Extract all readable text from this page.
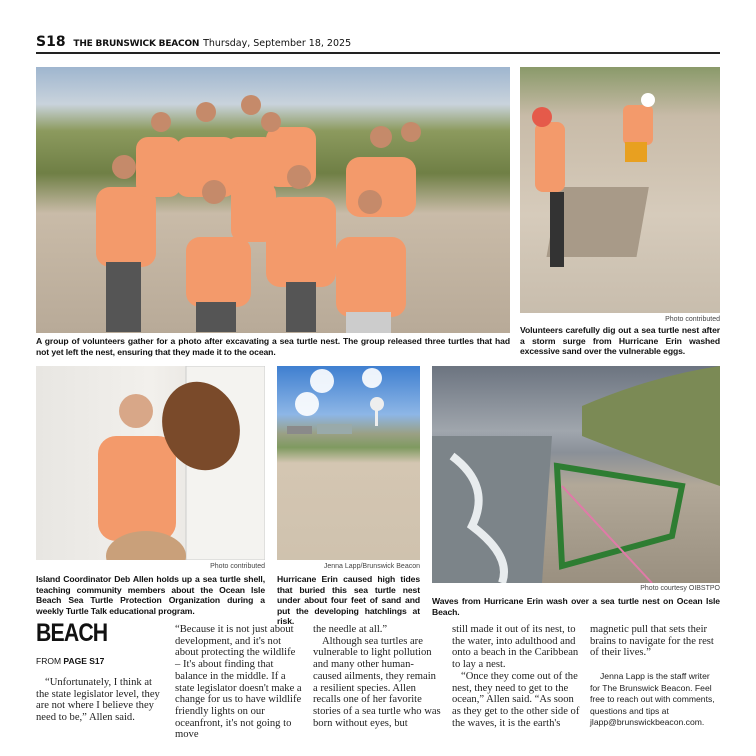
S18 THE BRUNSWICK BEACON Thursday, September 18, 2025
Photo contributed
A group of volunteers gather for a photo after excavating a sea turtle nest. The group released three turtles that had not yet left the nest, ensuring that they made it to the ocean.
Volunteers carefully dig out a sea turtle nest after a storm surge from Hurricane Erin washed excessive sand over the vulnerable eggs.
Photo contributed
Island Coordinator Deb Allen holds up a sea turtle shell, teaching community members about the Ocean Isle Beach Sea Turtle Protection Organization during a weekly Turtle Talk educational program.
Jenna Lapp/Brunswick Beacon
Hurricane Erin caused high tides that buried this sea turtle nest under about four feet of sand and put the developing hatchlings at risk.
Photo courtesy OIBSTPO
Waves from Hurricane Erin wash over a sea turtle nest on Ocean Isle Beach.
BEACH
FROM PAGE S17

“Unfortunately, I think at the state legislator level, they are not where I believe they need to be,” Allen said.

“Because it is not just about development, and it's not about protecting the wildlife – It's about finding that balance in the middle. If a state legislator doesn't make a change for us to have wildlife friendly lights on our oceanfront, it's not going to move

the needle at all.”

Although sea turtles are vulnerable to light pollution and many other human-caused ailments, they remain a resilient species. Allen recalls one of her favorite stories of a sea turtle who was born without eyes, but

still made it out of its nest, to the water, into adulthood and onto a beach in the Caribbean to lay a nest.

“Once they come out of the nest, they need to get to the ocean,” Allen said. “As soon as they get to the other side of the waves, it is the earth's

magnetic pull that sets their brains to navigate for the rest of their lives.”

Jenna Lapp is the staff writer for The Brunswick Beacon. Feel free to reach out with comments, questions and tips at jlapp@brunswickbeacon.com.
